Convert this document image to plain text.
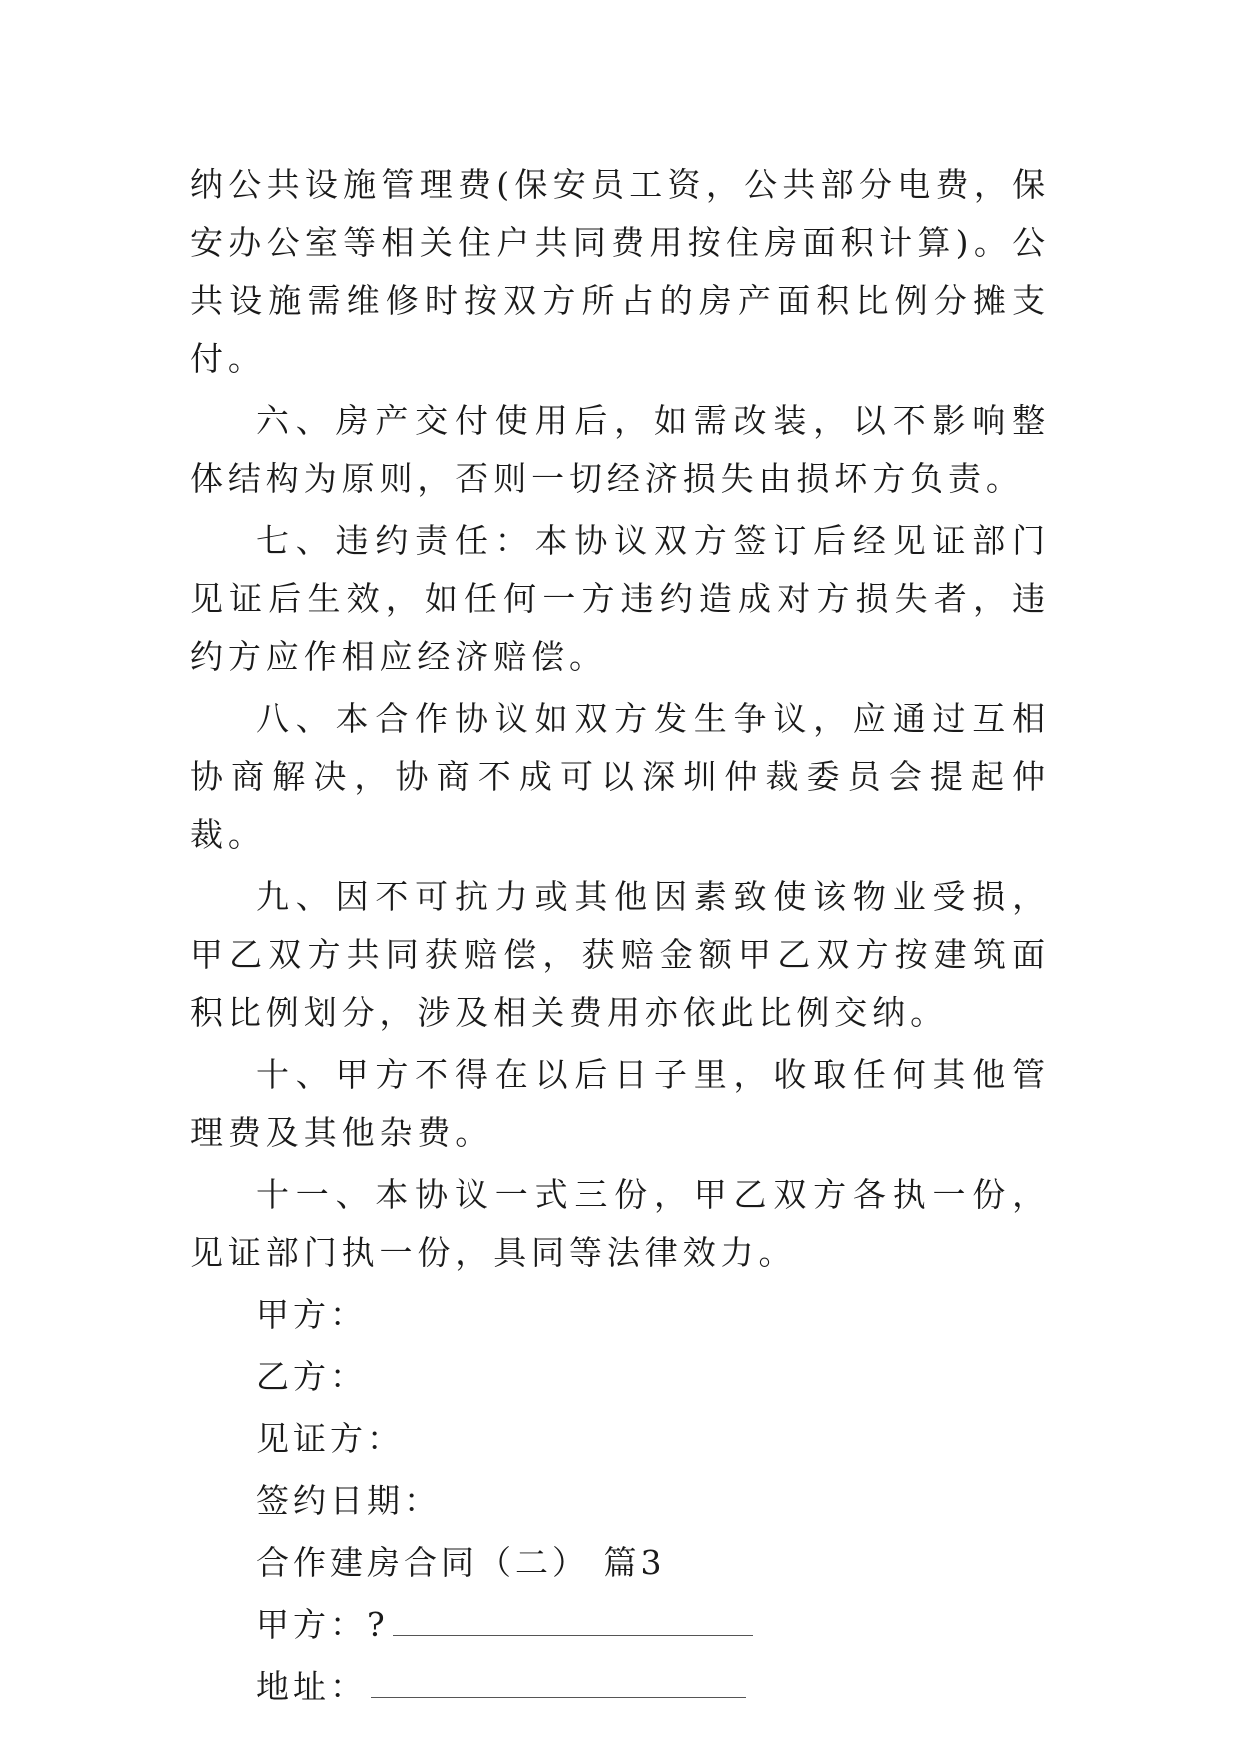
纳公共设施管理费(保安员工资，公共部分电费，保安办公室等相关住户共同费用按住房面积计算)。公共设施需维修时按双方所占的房产面积比例分摊支付。

六、房产交付使用后，如需改装，以不影响整体结构为原则，否则一切经济损失由损坏方负责。

七、违约责任：本协议双方签订后经见证部门见证后生效，如任何一方违约造成对方损失者，违约方应作相应经济赔偿。

八、本合作协议如双方发生争议，应通过互相协商解决，协商不成可以深圳仲裁委员会提起仲裁。

九、因不可抗力或其他因素致使该物业受损，甲乙双方共同获赔偿，获赔金额甲乙双方按建筑面积比例划分，涉及相关费用亦依此比例交纳。

十、甲方不得在以后日子里，收取任何其他管理费及其他杂费。

十一、本协议一式三份，甲乙双方各执一份，见证部门执一份，具同等法律效力。

甲方：
乙方：
见证方：
签约日期：
合作建房合同（二） 篇3
甲方：?
地址：
